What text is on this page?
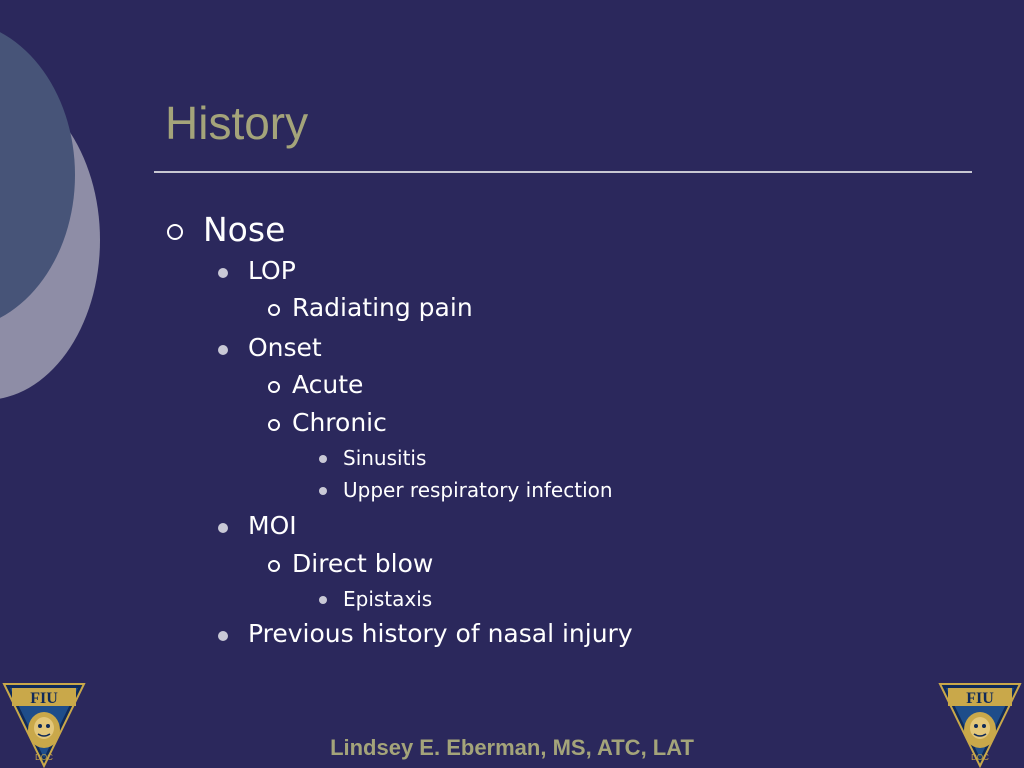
History
Nose
LOP
Radiating pain
Onset
Acute
Chronic
Sinusitis
Upper respiratory infection
MOI
Direct blow
Epistaxis
Previous history of nasal injury
FIU
DOC
FIU
DOC
Lindsey E. Eberman, MS, ATC, LAT
